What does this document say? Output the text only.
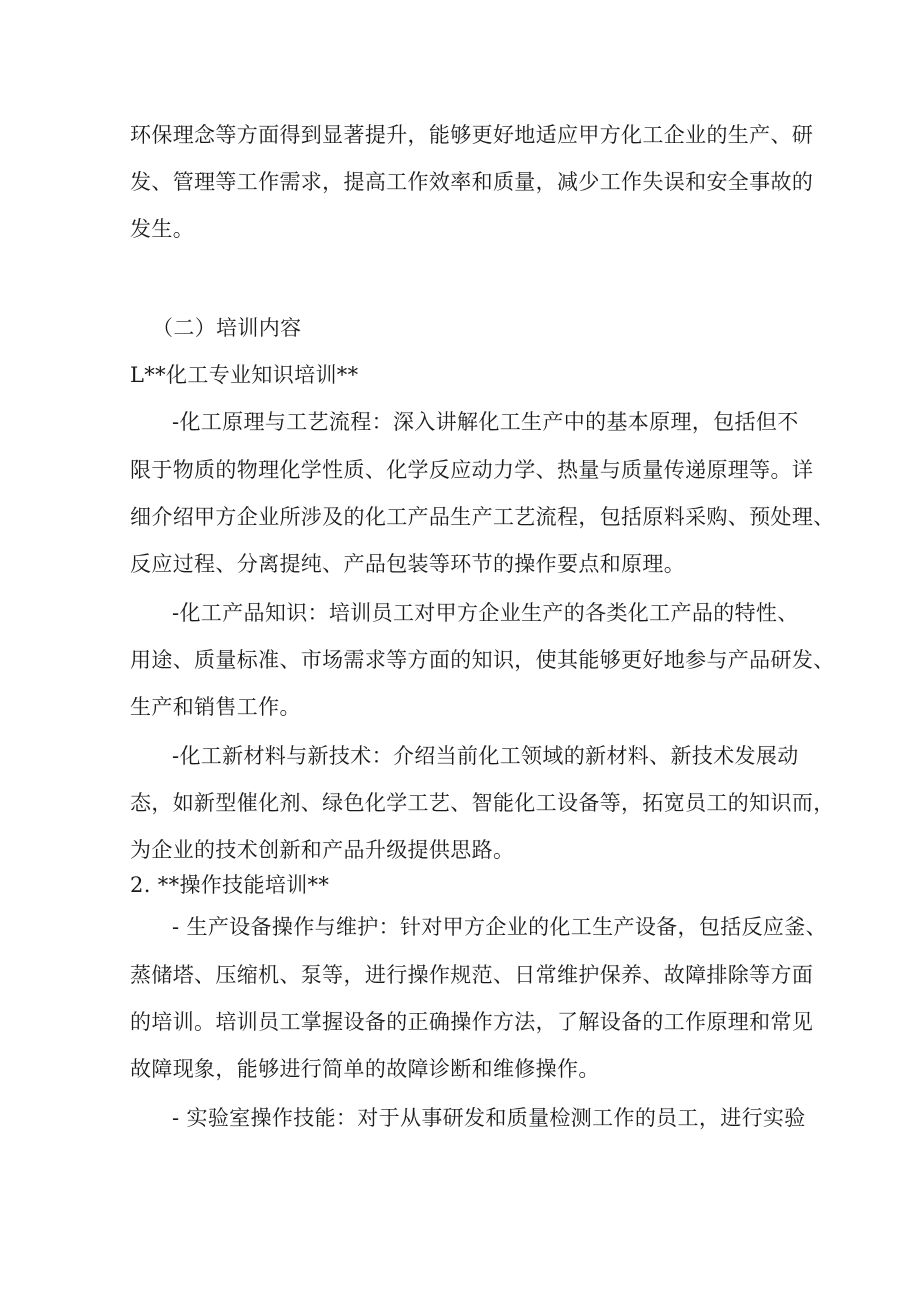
环保理念等方面得到显著提升，能够更好地适应甲方化工企业的生产、研
发、管理等工作需求，提高工作效率和质量，减少工作失误和安全事故的
发生。
（二）培训内容
L**化工专业知识培训**
-化工原理与工艺流程：深入讲解化工生产中的基本原理，包括但不
限于物质的物理化学性质、化学反应动力学、热量与质量传递原理等。详
细介绍甲方企业所涉及的化工产品生产工艺流程，包括原料采购、预处理、
反应过程、分离提纯、产品包装等环节的操作要点和原理。
-化工产品知识：培训员工对甲方企业生产的各类化工产品的特性、
用途、质量标准、市场需求等方面的知识，使其能够更好地参与产品研发、
生产和销售工作。
-化工新材料与新技术：介绍当前化工领域的新材料、新技术发展动
态，如新型催化剂、绿色化学工艺、智能化工设备等，拓宽员工的知识而，
为企业的技术创新和产品升级提供思路。
2. **操作技能培训**
- 生产设备操作与维护：针对甲方企业的化工生产设备，包括反应釜、
蒸储塔、压缩机、泵等，进行操作规范、日常维护保养、故障排除等方面
的培训。培训员工掌握设备的正确操作方法，了解设备的工作原理和常见
故障现象，能够进行简单的故障诊断和维修操作。
- 实验室操作技能：对于从事研发和质量检测工作的员工，进行实验
